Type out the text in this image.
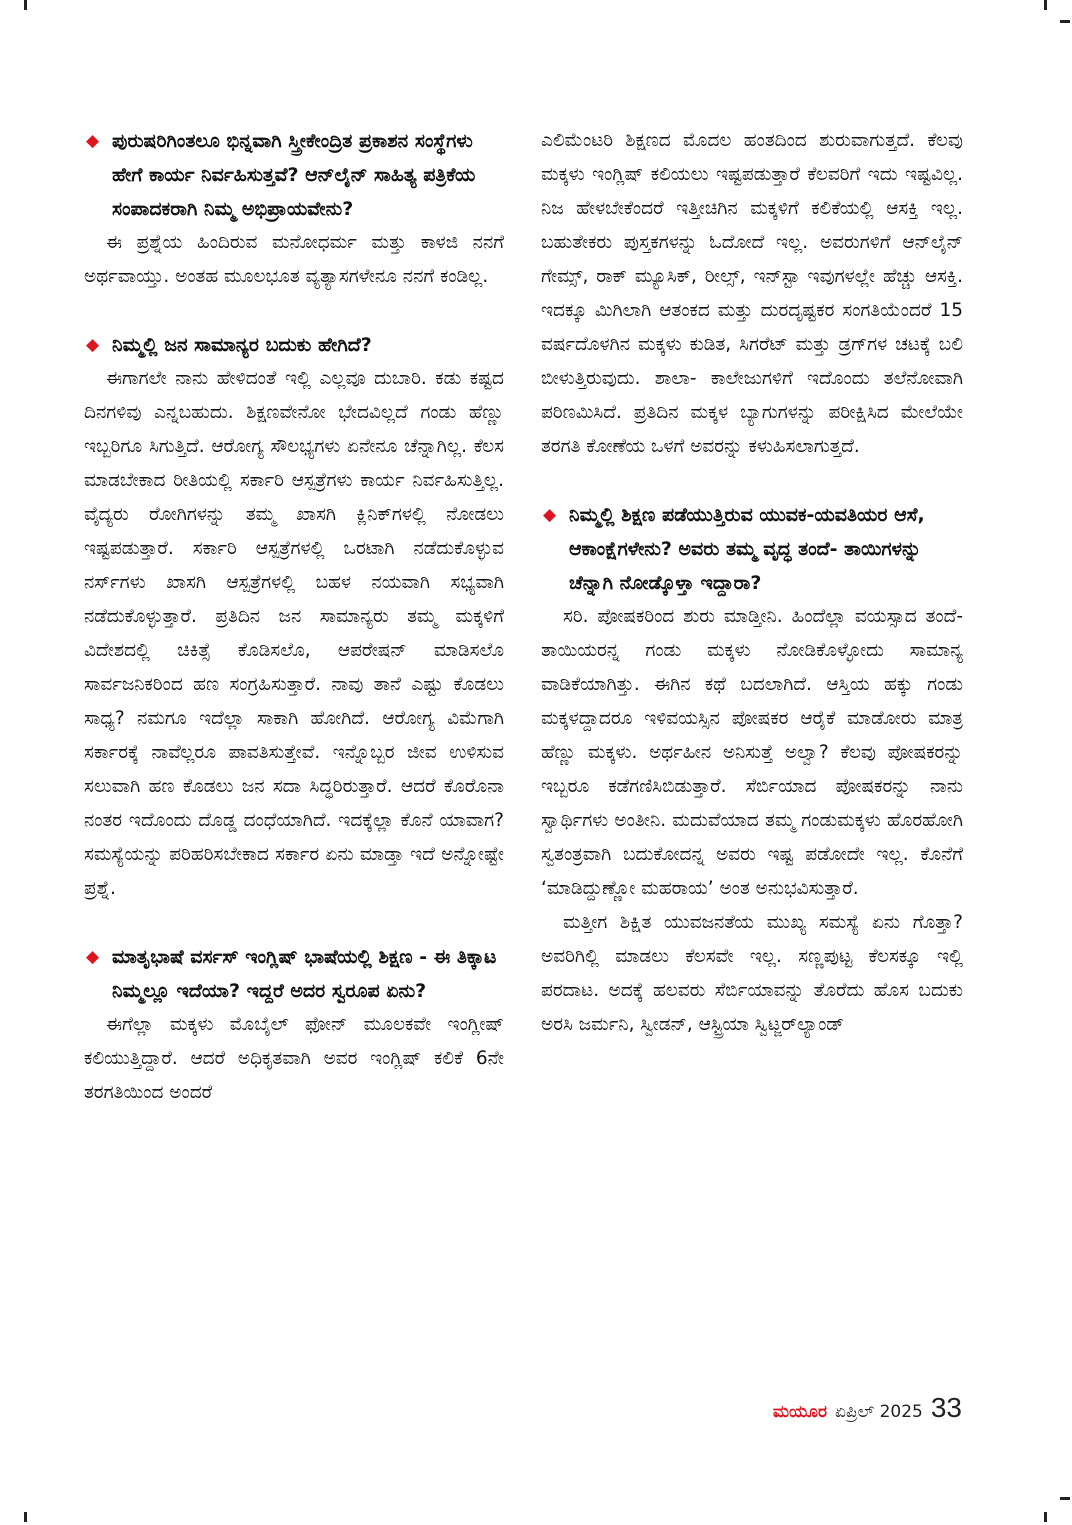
◆ ಪುರುಷರಿಗಿಂತಲೂ ಭಿನ್ನವಾಗಿ ಸ್ತ್ರೀಕೇಂದ್ರಿತ ಪ್ರಕಾಶನ ಸಂಸ್ಥೆಗಳು ಹೇಗೆ ಕಾರ್ಯ ನಿರ್ವಹಿಸುತ್ತವೆ? ಆನ್‌ಲೈನ್ ಸಾಹಿತ್ಯ ಪತ್ರಿಕೆಯ ಸಂಪಾದಕರಾಗಿ ನಿಮ್ಮ ಅಭಿಪ್ರಾಯವೇನು?

ಈ ಪ್ರಶ್ನೆಯ ಹಿಂದಿರುವ ಮನೋಧರ್ಮ ಮತ್ತು ಕಾಳಜಿ ನನಗೆ ಅರ್ಥವಾಯ್ತು. ಅಂತಹ ಮೂಲಭೂತ ವ್ಯತ್ಯಾಸಗಳೇನೂ ನನಗೆ ಕಂಡಿಲ್ಲ.

◆ ನಿಮ್ಮಲ್ಲಿ ಜನ ಸಾಮಾನ್ಯರ ಬದುಕು ಹೇಗಿದೆ?

ಈಗಾಗಲೇ ನಾನು ಹೇಳಿದಂತೆ ಇಲ್ಲಿ ಎಲ್ಲವೂ ದುಬಾರಿ. ಕಡು ಕಷ್ಟದ ದಿನಗಳಿವು ಎನ್ನಬಹುದು. ಶಿಕ್ಷಣವೇನೋ ಭೇದವಿಲ್ಲದೆ ಗಂಡು ಹೆಣ್ಣು ಇಬ್ಬರಿಗೂ ಸಿಗುತ್ತಿದೆ. ಆರೋಗ್ಯ ಸೌಲಭ್ಯಗಳು ಏನೇನೂ ಚೆನ್ನಾಗಿಲ್ಲ. ಕೆಲಸ ಮಾಡಬೇಕಾದ ರೀತಿಯಲ್ಲಿ ಸರ್ಕಾರಿ ಆಸ್ಪತ್ರೆಗಳು ಕಾರ್ಯ ನಿರ್ವಹಿಸುತ್ತಿಲ್ಲ. ವೈದ್ಯರು ರೋಗಿಗಳನ್ನು ತಮ್ಮ ಖಾಸಗಿ ಕ್ಲಿನಿಕ್‌ಗಳಲ್ಲಿ ನೋಡಲು ಇಷ್ಟಪಡುತ್ತಾರೆ. ಸರ್ಕಾರಿ ಆಸ್ಪತ್ರೆಗಳಲ್ಲಿ ಒರಟಾಗಿ ನಡೆದುಕೊಳ್ಳುವ ನರ್ಸ್‌ಗಳು ಖಾಸಗಿ ಆಸ್ಪತ್ರೆಗಳಲ್ಲಿ ಬಹಳ ನಯವಾಗಿ ಸಭ್ಯವಾಗಿ ನಡೆದುಕೊಳ್ಳುತ್ತಾರೆ. ಪ್ರತಿದಿನ ಜನ ಸಾಮಾನ್ಯರು ತಮ್ಮ ಮಕ್ಕಳಿಗೆ ವಿದೇಶದಲ್ಲಿ ಚಿಕಿತ್ಸೆ ಕೊಡಿಸಲೊ, ಆಪರೇಷನ್ ಮಾಡಿಸಲೊ ಸಾರ್ವಜನಿಕರಿಂದ ಹಣ ಸಂಗ್ರಹಿಸುತ್ತಾರೆ. ನಾವು ತಾನೆ ಎಷ್ಟು ಕೊಡಲು ಸಾಧ್ಯ? ನಮಗೂ ಇದೆಲ್ಲಾ ಸಾಕಾಗಿ ಹೋಗಿದೆ. ಆರೋಗ್ಯ ವಿಮೆಗಾಗಿ ಸರ್ಕಾರಕ್ಕೆ ನಾವೆಲ್ಲರೂ ಪಾವತಿಸುತ್ತೇವೆ. ಇನ್ನೊಬ್ಬರ ಜೀವ ಉಳಿಸುವ ಸಲುವಾಗಿ ಹಣ ಕೊಡಲು ಜನ ಸದಾ ಸಿದ್ಧರಿರುತ್ತಾರೆ. ಆದರೆ ಕೊರೊನಾ ನಂತರ ಇದೊಂದು ದೊಡ್ಡ ದಂಧೆಯಾಗಿದೆ. ಇದಕ್ಕೆಲ್ಲಾ ಕೊನೆ ಯಾವಾಗ? ಸಮಸ್ಯೆಯನ್ನು ಪರಿಹರಿಸಬೇಕಾದ ಸರ್ಕಾರ ಏನು ಮಾಡ್ತಾ ಇದೆ ಅನ್ನೋಷ್ಟೇ ಪ್ರಶ್ನೆ.

◆ ಮಾತೃಭಾಷೆ ವರ್ಸಸ್ ಇಂಗ್ಲಿಷ್ ಭಾಷೆಯಲ್ಲಿ ಶಿಕ್ಷಣ - ಈ ತಿಕ್ಕಾಟ ನಿಮ್ಮಲ್ಲೂ ಇದೆಯಾ? ಇದ್ದರೆ ಅದರ ಸ್ವರೂಪ ಏನು?

ಈಗೆಲ್ಲಾ ಮಕ್ಕಳು ಮೊಬೈಲ್ ಫೋನ್ ಮೂಲಕವೇ ಇಂಗ್ಲೀಷ್ ಕಲಿಯುತ್ತಿದ್ದಾರೆ. ಆದರೆ ಅಧಿಕೃತವಾಗಿ ಅವರ ಇಂಗ್ಲಿಷ್ ಕಲಿಕೆ 6ನೇ ತರಗತಿಯಿಂದ ಅಂದರೆ

ಎಲಿಮೆಂಟರಿ ಶಿಕ್ಷಣದ ಮೊದಲ ಹಂತದಿಂದ ಶುರುವಾಗುತ್ತದೆ. ಕೆಲವು ಮಕ್ಕಳು ಇಂಗ್ಲಿಷ್ ಕಲಿಯಲು ಇಷ್ಟಪಡುತ್ತಾರೆ ಕೆಲವರಿಗೆ ಇದು ಇಷ್ಟವಿಲ್ಲ. ನಿಜ ಹೇಳಬೇಕೆಂದರೆ ಇತ್ತೀಚಿಗಿನ ಮಕ್ಕಳಿಗೆ ಕಲಿಕೆಯಲ್ಲಿ ಆಸಕ್ತಿ ಇಲ್ಲ. ಬಹುತೇಕರು ಪುಸ್ತಕಗಳನ್ನು ಓದೋದೆ ಇಲ್ಲ. ಅವರುಗಳಿಗೆ ಆನ್‌ಲೈನ್ ಗೇಮ್ಸ್, ರಾಕ್ ಮ್ಯೂಸಿಕ್, ರೀಲ್ಸ್, ಇನ್‌ಸ್ಟಾ ಇವುಗಳಲ್ಲೇ ಹೆಚ್ಚು ಆಸಕ್ತಿ. ಇದಕ್ಕೂ ಮಿಗಿಲಾಗಿ ಆತಂಕದ ಮತ್ತು ದುರದೃಷ್ಟಕರ ಸಂಗತಿಯೆಂದರೆ 15 ವರ್ಷದೊಳಗಿನ ಮಕ್ಕಳು ಕುಡಿತ, ಸಿಗರೆಟ್ ಮತ್ತು ಡ್ರಗ್‌ಗಳ ಚಟಕ್ಕೆ ಬಲಿ ಬೀಳುತ್ತಿರುವುದು. ಶಾಲಾ- ಕಾಲೇಜುಗಳಿಗೆ ಇದೊಂದು ತಲೆನೋವಾಗಿ ಪರಿಣಮಿಸಿದೆ. ಪ್ರತಿದಿನ ಮಕ್ಕಳ ಬ್ಯಾಗುಗಳನ್ನು ಪರೀಕ್ಷಿಸಿದ ಮೇಲೆಯೇ ತರಗತಿ ಕೋಣೆಯ ಒಳಗೆ ಅವರನ್ನು ಕಳುಹಿಸಲಾಗುತ್ತದೆ.

◆ ನಿಮ್ಮಲ್ಲಿ ಶಿಕ್ಷಣ ಪಡೆಯುತ್ತಿರುವ ಯುವಕ-ಯವತಿಯರ ಆಸೆ, ಆಕಾಂಕ್ಷೆಗಳೇನು? ಅವರು ತಮ್ಮ ವೃದ್ಧ ತಂದೆ- ತಾಯಿಗಳನ್ನು ಚೆನ್ನಾಗಿ ನೋಡ್ಕೊಳ್ತಾ ಇದ್ದಾರಾ?

ಸರಿ. ಪೋಷಕರಿಂದ ಶುರು ಮಾಡ್ತೀನಿ. ಹಿಂದೆಲ್ಲಾ ವಯಸ್ಸಾದ ತಂದೆ-ತಾಯಿಯರನ್ನ ಗಂಡು ಮಕ್ಕಳು ನೋಡಿಕೊಳ್ಳೋದು ಸಾಮಾನ್ಯ ವಾಡಿಕೆಯಾಗಿತ್ತು. ಈಗಿನ ಕಥೆ ಬದಲಾಗಿದೆ. ಆಸ್ತಿಯ ಹಕ್ಕು ಗಂಡು ಮಕ್ಕಳದ್ದಾದರೂ ಇಳಿವಯಸ್ಸಿನ ಪೋಷಕರ ಆರೈಕೆ ಮಾಡೋರು ಮಾತ್ರ ಹೆಣ್ಣು ಮಕ್ಕಳು. ಅರ್ಥಹೀನ ಅನಿಸುತ್ತೆ ಅಲ್ವಾ? ಕೆಲವು ಪೋಷಕರನ್ನು ಇಬ್ಬರೂ ಕಡೆಗಣಿಸಿಬಿಡುತ್ತಾರೆ. ಸೆರ್ಬಿಯಾದ ಪೋಷಕರನ್ನು ನಾನು ಸ್ವಾರ್ಥಿಗಳು ಅಂತೀನಿ. ಮದುವೆಯಾದ ತಮ್ಮ ಗಂಡುಮಕ್ಕಳು ಹೊರಹೋಗಿ ಸ್ವತಂತ್ರವಾಗಿ ಬದುಕೋದನ್ನ ಅವರು ಇಷ್ಟ ಪಡೋದೇ ಇಲ್ಲ. ಕೊನೆಗೆ ‘ಮಾಡಿದ್ದುಣ್ಣೋ ಮಹರಾಯ’ ಅಂತ ಅನುಭವಿಸುತ್ತಾರೆ.

ಮತ್ತೀಗ ಶಿಕ್ಷಿತ ಯುವಜನತೆಯ ಮುಖ್ಯ ಸಮಸ್ಯೆ ಏನು ಗೊತ್ತಾ? ಅವರಿಗಿಲ್ಲಿ ಮಾಡಲು ಕೆಲಸವೇ ಇಲ್ಲ. ಸಣ್ಣಪುಟ್ಟ ಕೆಲಸಕ್ಕೂ ಇಲ್ಲಿ ಪರದಾಟ. ಅದಕ್ಕೆ ಹಲವರು ಸೆರ್ಬಿಯಾವನ್ನು ತೊರೆದು ಹೊಸ ಬದುಕು ಅರಸಿ ಜರ್ಮನಿ, ಸ್ವೀಡನ್, ಆಸ್ಟ್ರಿಯಾ ಸ್ವಿಟ್ಜರ್‌ಲ್ಯಾಂಡ್

ಮಯೂರ ಏಪ್ರಿಲ್ 2025 33
